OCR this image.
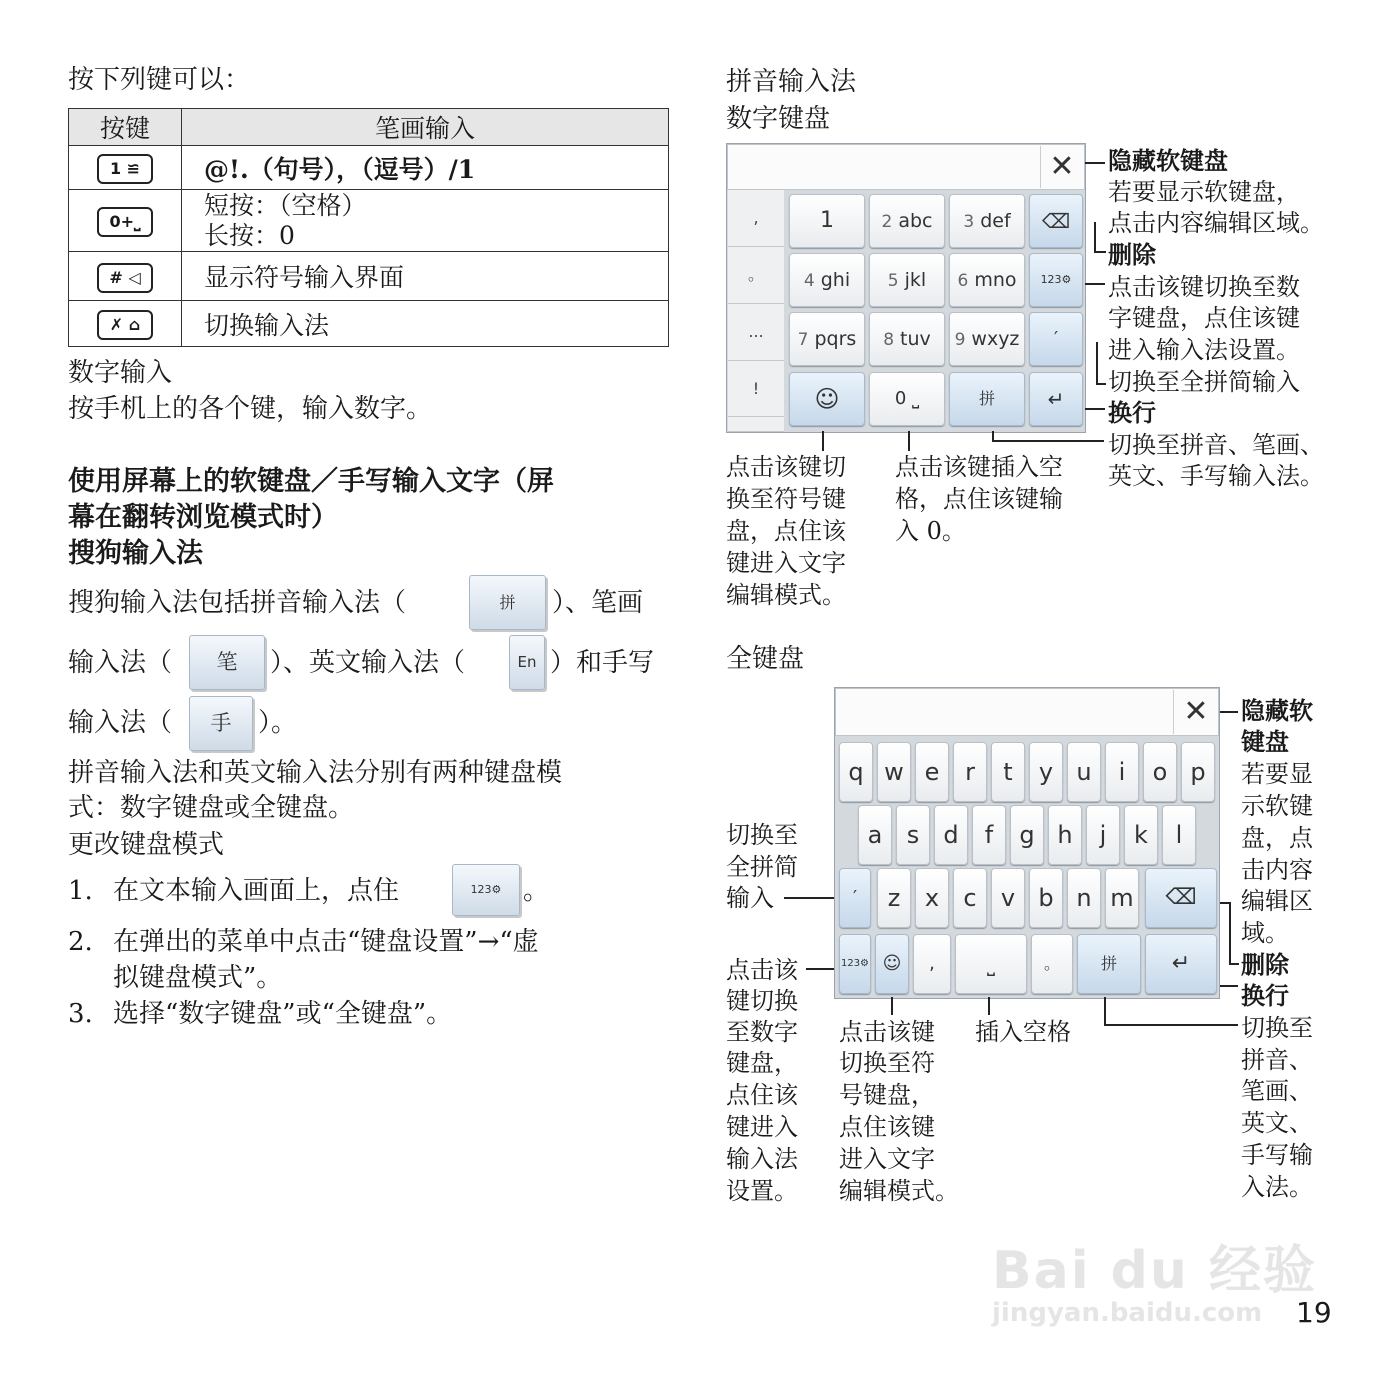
按下列键可以：
按键	笔画输入
1 ≌	@!.（句号），（逗号）/1
0+⎵	短按：（空格）
长按：0

# ◁	显示符号输入界面
✗ ⌂	切换输入法
数字输入
按手机上的各个键，输入数字。
使用屏幕上的软键盘／手写输入文字（屏
幕在翻转浏览模式时）
搜狗输入法
搜狗输入法包括拼音输入法（	拼	）、笔画
输入法（	笔	）、英文输入法（	En ）和手写
输入法（	手	）。
拼音输入法和英文输入法分别有两种键盘模
式：数字键盘或全键盘。
更改键盘模式
1. 在文本输入画面上，点住	123⚙ 。
2. 在弹出的菜单中点击“键盘设置”→“虚
拟键盘模式”。
3. 选择“数字键盘”或“全键盘”。
拼音输入法
数字键盘
✕
,
。
...
!
1	2 abc	3 def	⌫
4 ghi	5 jkl	6 mno	123⚙
7 pqrs	8 tuv	9 wxyz	′
☺	0 ⎵	拼	↵
隐藏软键盘
若要显示软键盘，
点击内容编辑区域。
删除
点击该键切换至数
字键盘，点住该键
进入输入法设置。
切换至全拼简输入
换行
切换至拼音、笔画、
英文、手写输入法。
点击该键切
换至符号键
盘，点住该
键进入文字
编辑模式。
点击该键插入空
格，点住该键输
入 0。
全键盘
✕
q w e	r	t	y u	i	o p
a	s	d	f	g h	j	k	l
z	x	c	v b n m
′	⌫
123⚙ ☺	,	⎵	。	拼	↵
隐藏软
键盘
若要显
示软键
盘，点
击内容
编辑区
域。
删除
换行
切换至
拼音、
笔画、
英文、
手写输
入法。
切换至
全拼简
输入
点击该
键切换
至数字
键盘，
点住该
键进入
输入法
设置。
点击该键
切换至符
号键盘，
点住该键
进入文字
编辑模式。
插入空格
Bai du 经验
jingyan.baidu.com 19
